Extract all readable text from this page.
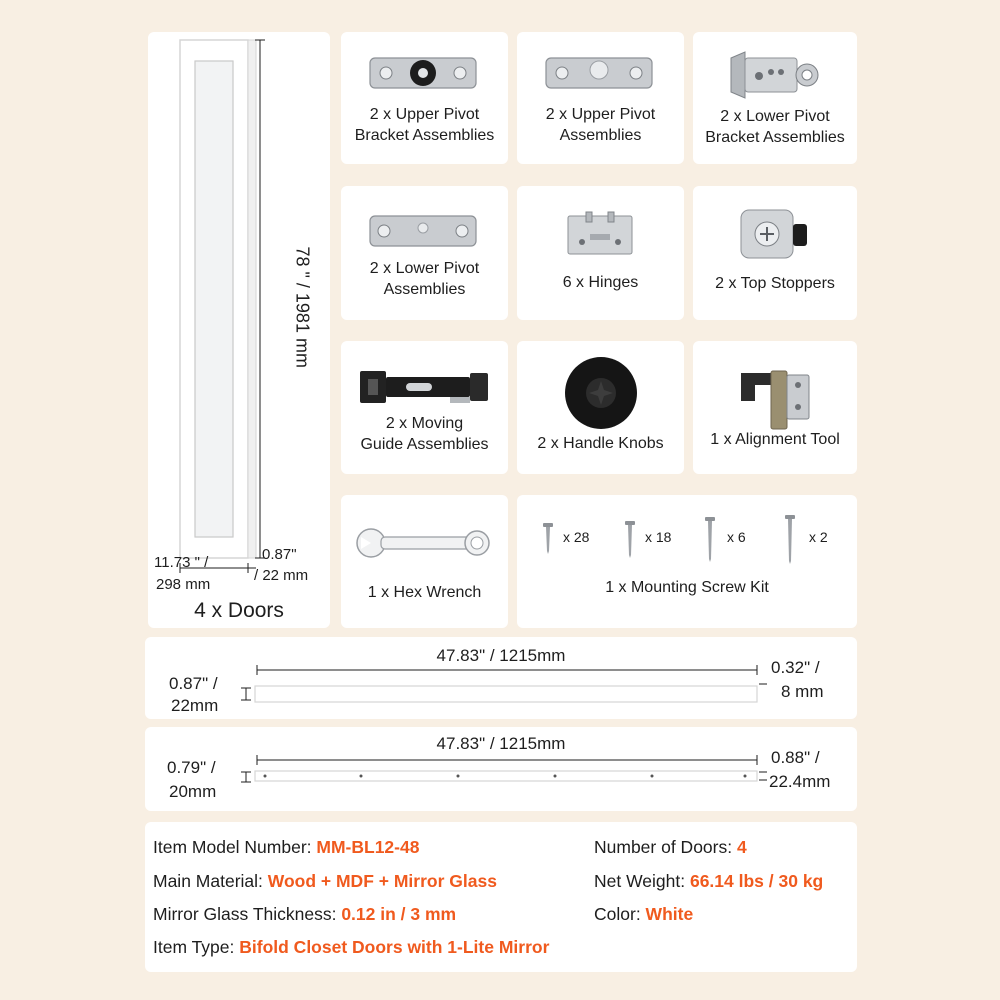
78 " / 1981 mm
11.73 " /
298 mm
0.87"
/ 22 mm
4 x Doors
2 x Upper Pivot
Bracket Assemblies
2 x Upper Pivot
Assemblies
2 x Lower Pivot
Bracket Assemblies
2 x Lower Pivot
Assemblies	6 x Hinges	2 x Top Stoppers
2 x Moving
Guide Assemblies	2 x Handle Knobs	1 x Alignment Tool
1 x Hex Wrench
x 28	x 18	x 6	x 2
1 x Mounting Screw Kit
47.83" / 1215mm
0.87" /
22mm
0.32" /
8 mm
47.83" / 1215mm
0.79" /
20mm
0.88" /
22.4mm
Item Model Number: MM-BL12-48
Main Material: Wood + MDF + Mirror Glass
Mirror Glass Thickness: 0.12 in / 3 mm
Item Type: Bifold Closet Doors with 1-Lite Mirror
Number of Doors: 4
Net Weight: 66.14 lbs / 30 kg
Color: White
